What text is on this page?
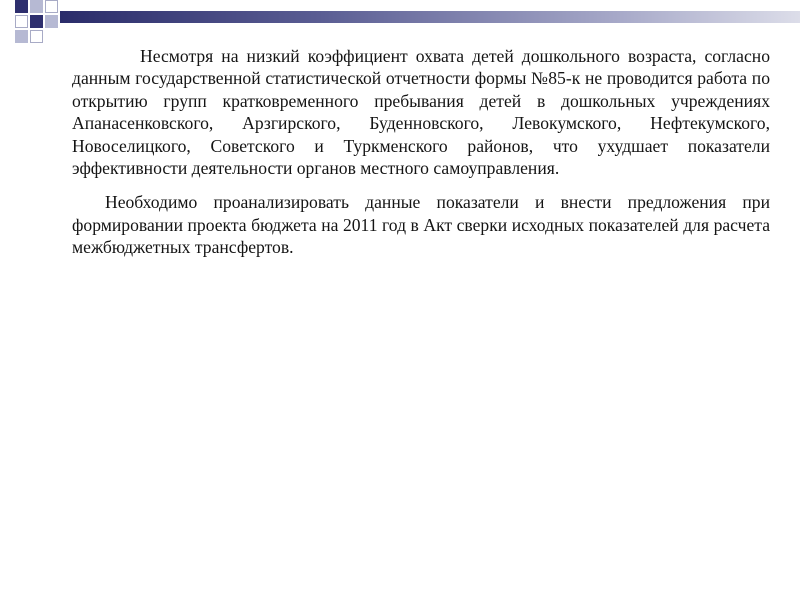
Несмотря на низкий коэффициент охвата детей дошкольного возраста, согласно данным государственной статистической отчетности формы №85-к не проводится работа по открытию групп кратковременного пребывания детей в дошкольных учреждениях Апанасенковского, Арзгирского, Буденновского, Левокумского, Нефтекумского, Новоселицкого, Советского и Туркменского районов, что ухудшает показатели эффективности деятельности органов местного самоуправления.

Необходимо проанализировать данные показатели и внести предложения при формировании проекта бюджета на 2011 год в Акт сверки исходных показателей для расчета межбюджетных трансфертов.
